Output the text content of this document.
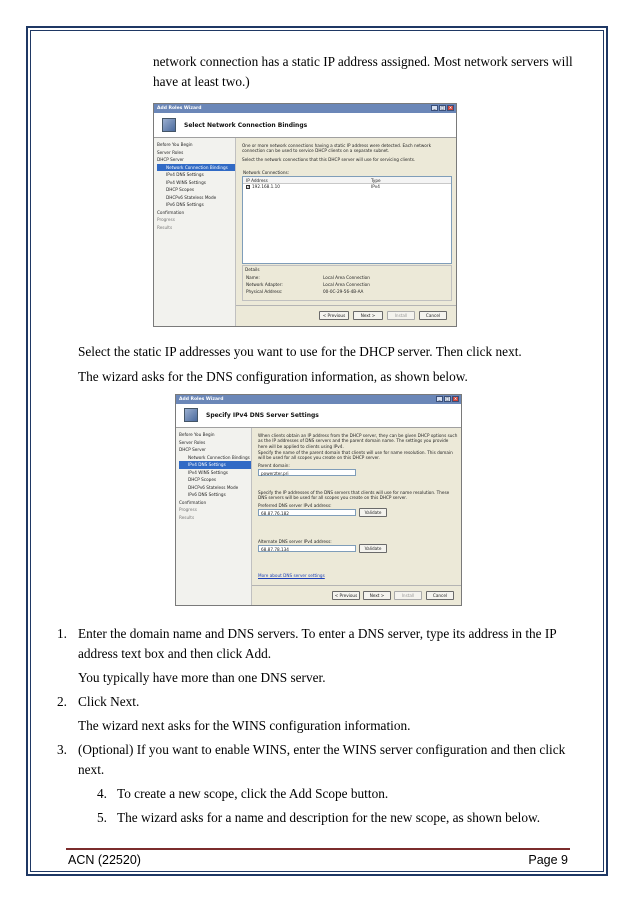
network connection has a static IP address assigned. Most network servers will
have at least two.)
Add Roles Wizard	_	□	×
Select Network Connection Bindings
Before You Begin
Server Roles
DHCP Server
Network Connection Bindings
IPv4 DNS Settings
IPv4 WINS Settings
DHCP Scopes
DHCPv6 Stateless Mode
IPv6 DNS Settings
Confirmation
Progress
Results
One or more network connections having a static IP address were detected. Each network connection can be used to service DHCP clients on a separate subnet.
Select the network connections that this DHCP server will use for servicing clients.
Network Connections:
IP Address	Type
✓ 192.168.1.10	IPv4
Details
Name:	Local Area Connection
Network Adapter:	Local Area Connection
Physical Address:	00-0C-29-56-4B-AA
< Previous	Next >	Install	Cancel
Select the static IP addresses you want to use for the DHCP server. Then click next.
The wizard asks for the DNS configuration information, as shown below.
Add Roles Wizard	_	□	×
Specify IPv4 DNS Server Settings
Before You Begin
Server Roles
DHCP Server
Network Connection Bindings
IPv4 DNS Settings
IPv4 WINS Settings
DHCP Scopes
DHCPv6 Stateless Mode
IPv6 DNS Settings
Confirmation
Progress
Results
When clients obtain an IP address from the DHCP server, they can be given DHCP options such as the IP addresses of DNS servers and the parent domain name. The settings you provide here will be applied to clients using IPv4.
Specify the name of the parent domain that clients will use for name resolution. This domain will be used for all scopes you create on this DHCP server.
Parent domain:
powerzter.pri
Specify the IP addresses of the DNS servers that clients will use for name resolution. These DNS servers will be used for all scopes you create on this DHCP server.
Preferred DNS server IPv4 address:
68.87.76.182	Validate
Alternate DNS server IPv4 address:
68.87.78.134	Validate
More about DNS server settings
< Previous	Next >	Install	Cancel
1. Enter the domain name and DNS servers. To enter a DNS server, type its address in the IP
address text box and then click Add.
You typically have more than one DNS server.
2. Click Next.
The wizard next asks for the WINS configuration information.
3. (Optional) If you want to enable WINS, enter the WINS server configuration and then click
next.
4. To create a new scope, click the Add Scope button.
5. The wizard asks for a name and description for the new scope, as shown below.
ACN (22520)	Page 9
